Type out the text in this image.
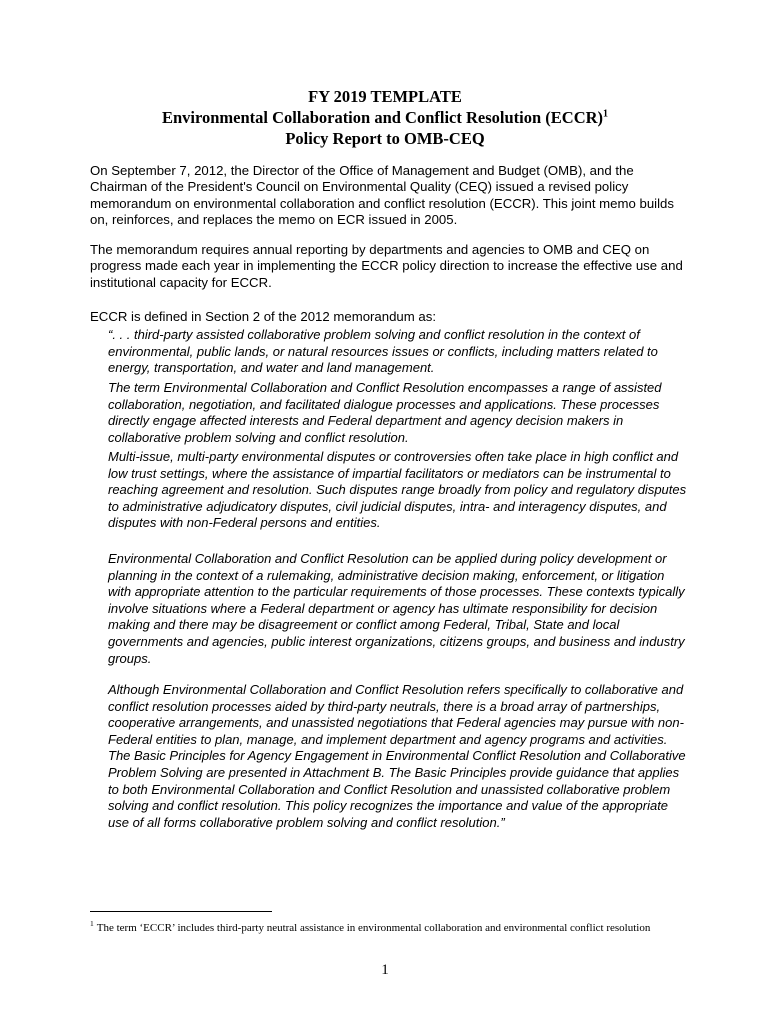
FY 2019 TEMPLATE
Environmental Collaboration and Conflict Resolution (ECCR)$^1$
Policy Report to OMB-CEQ

On September 7, 2012, the Director of the Office of Management and Budget (OMB), and the Chairman of the President's Council on Environmental Quality (CEQ) issued a revised policy memorandum on environmental collaboration and conflict resolution (ECCR). This joint memo builds on, reinforces, and replaces the memo on ECR issued in 2005.

The memorandum requires annual reporting by departments and agencies to OMB and CEQ on progress made each year in implementing the ECCR policy direction to increase the effective use and institutional capacity for ECCR.

ECCR is defined in Section 2 of the 2012 memorandum as:

“. . . third-party assisted collaborative problem solving and conflict resolution in the context of environmental, public lands, or natural resources issues or conflicts, including matters related to energy, transportation, and water and land management.

The term Environmental Collaboration and Conflict Resolution encompasses a range of assisted collaboration, negotiation, and facilitated dialogue processes and applications. These processes directly engage affected interests and Federal department and agency decision makers in collaborative problem solving and conflict resolution.

Multi-issue, multi-party environmental disputes or controversies often take place in high conflict and low trust settings, where the assistance of impartial facilitators or mediators can be instrumental to reaching agreement and resolution. Such disputes range broadly from policy and regulatory disputes to administrative adjudicatory disputes, civil judicial disputes, intra- and interagency disputes, and disputes with non-Federal persons and entities.

Environmental Collaboration and Conflict Resolution can be applied during policy development or planning in the context of a rulemaking, administrative decision making, enforcement, or litigation with appropriate attention to the particular requirements of those processes. These contexts typically involve situations where a Federal department or agency has ultimate responsibility for decision making and there may be disagreement or conflict among Federal, Tribal, State and local governments and agencies, public interest organizations, citizens groups, and business and industry groups.

Although Environmental Collaboration and Conflict Resolution refers specifically to collaborative and conflict resolution processes aided by third-party neutrals, there is a broad array of partnerships, cooperative arrangements, and unassisted negotiations that Federal agencies may pursue with non-Federal entities to plan, manage, and implement department and agency programs and activities. The Basic Principles for Agency Engagement in Environmental Conflict Resolution and Collaborative Problem Solving are presented in Attachment B. The Basic Principles provide guidance that applies to both Environmental Collaboration and Conflict Resolution and unassisted collaborative problem solving and conflict resolution. This policy recognizes the importance and value of the appropriate use of all forms collaborative problem solving and conflict resolution.”

$^1$ The term ‘ECCR’ includes third-party neutral assistance in environmental collaboration and environmental conflict resolution
1
